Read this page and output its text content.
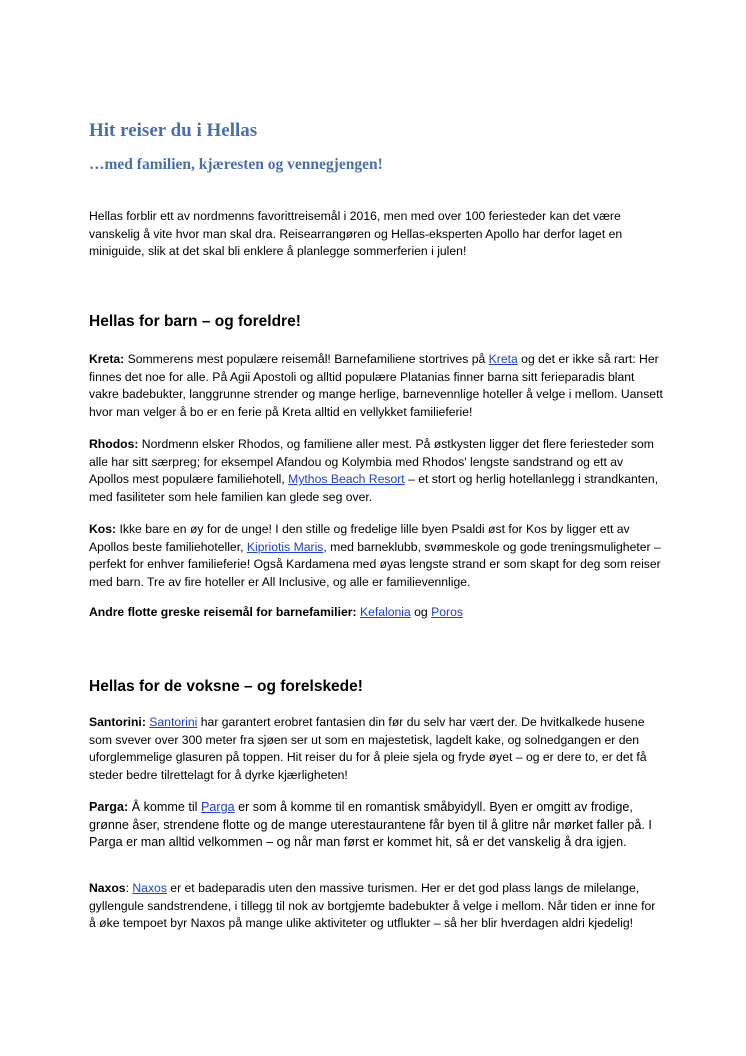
Hit reiser du i Hellas
…med familien, kjæresten og vennegjengen!

Hellas forblir ett av nordmenns favorittreisemål i 2016, men med over 100 feriesteder kan det være vanskelig å vite hvor man skal dra. Reisearrangøren og Hellas-eksperten Apollo har derfor laget en miniguide, slik at det skal bli enklere å planlegge sommerferien i julen!

Hellas for barn – og foreldre!

Kreta: Sommerens mest populære reisemål! Barnefamiliene stortrives på Kreta og det er ikke så rart: Her finnes det noe for alle. På Agii Apostoli og alltid populære Platanias finner barna sitt ferieparadis blant vakre badebukter, langgrunne strender og mange herlige, barnevennlige hoteller å velge i mellom. Uansett hvor man velger å bo er en ferie på Kreta alltid en vellykket familieferie!

Rhodos: Nordmenn elsker Rhodos, og familiene aller mest. På østkysten ligger det flere feriesteder som alle har sitt særpreg; for eksempel Afandou og Kolymbia med Rhodos' lengste sandstrand og ett av Apollos mest populære familiehotell, Mythos Beach Resort – et stort og herlig hotellanlegg i strandkanten, med fasiliteter som hele familien kan glede seg over.

Kos: Ikke bare en øy for de unge! I den stille og fredelige lille byen Psaldi øst for Kos by ligger ett av Apollos beste familiehoteller, Kipriotis Maris, med barneklubb, svømmeskole og gode treningsmuligheter – perfekt for enhver familieferie! Også Kardamena med øyas lengste strand er som skapt for deg som reiser med barn. Tre av fire hoteller er All Inclusive, og alle er familievennlige.

Andre flotte greske reisemål for barnefamilier: Kefalonia og Poros

Hellas for de voksne – og forelskede!

Santorini: Santorini har garantert erobret fantasien din før du selv har vært der. De hvitkalkede husene som svever over 300 meter fra sjøen ser ut som en majestetisk, lagdelt kake, og solnedgangen er den uforglemmelige glasuren på toppen. Hit reiser du for å pleie sjela og fryde øyet – og er dere to, er det få steder bedre tilrettelagt for å dyrke kjærligheten!

Parga: Å komme til Parga er som å komme til en romantisk småbyidyll. Byen er omgitt av frodige, grønne åser, strendene flotte og de mange uterestaurantene får byen til å glitre når mørket faller på. I Parga er man alltid velkommen – og når man først er kommet hit, så er det vanskelig å dra igjen.

Naxos: Naxos er et badeparadis uten den massive turismen. Her er det god plass langs de milelange, gyllengule sandstrendene, i tillegg til nok av bortgjemte badebukter å velge i mellom. Når tiden er inne for å øke tempoet byr Naxos på mange ulike aktiviteter og utflukter – så her blir hverdagen aldri kjedelig!
